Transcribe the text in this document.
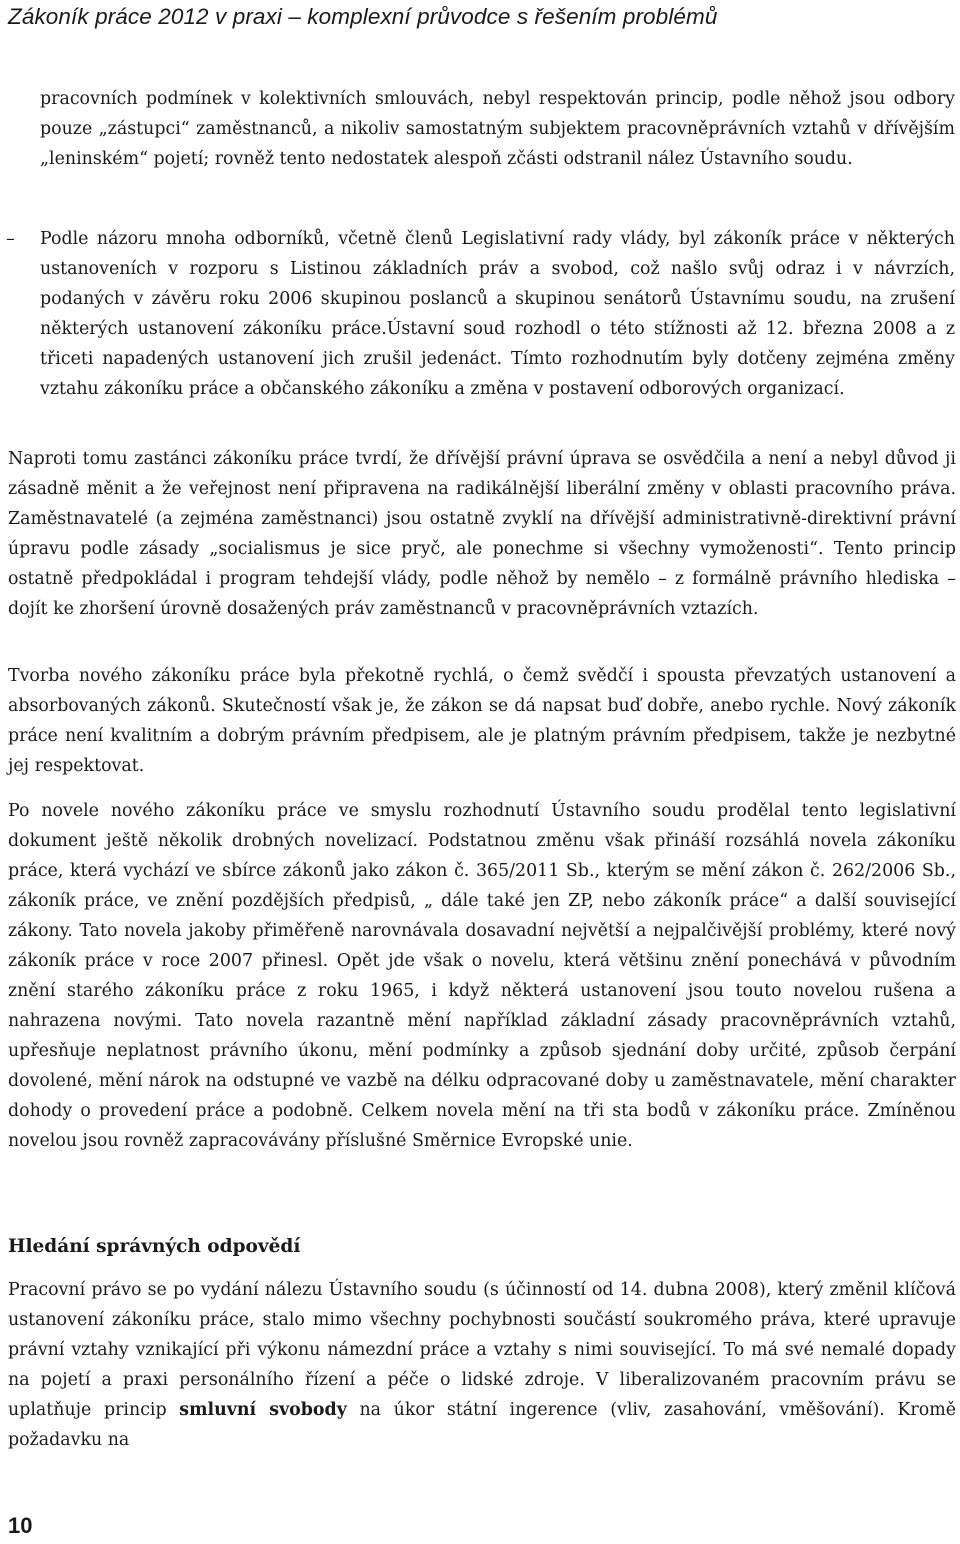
Zákoník práce 2012 v praxi – komplexní průvodce s řešením problémů

pracovních podmínek v kolektivních smlouvách, nebyl respektován princip, podle něhož jsou odbory pouze „zástupci“ zaměstnanců, a nikoliv samostatným subjektem pracovněprávních vztahů v dřívějším „leninském“ pojetí; rovněž tento nedostatek alespoň zčásti odstranil nález Ústavního soudu.

– Podle názoru mnoha odborníků, včetně členů Legislativní rady vlády, byl zákoník práce v některých ustanoveních v rozporu s Listinou základních práv a svobod, což našlo svůj odraz i v návrzích, podaných v závěru roku 2006 skupinou poslanců a skupinou senátorů Ústavnímu soudu, na zrušení některých ustanovení zákoníku práce.Ústavní soud rozhodl o této stížnosti až 12. března 2008 a z třiceti napadených ustanovení jich zrušil jedenáct. Tímto rozhodnutím byly dotčeny zejména změny vztahu zákoníku práce a občanského zákoníku a změna v postavení odborových organizací.

Naproti tomu zastánci zákoníku práce tvrdí, že dřívější právní úprava se osvědčila a není a nebyl důvod ji zásadně měnit a že veřejnost není připravena na radikálnější liberální změny v oblasti pracovního práva. Zaměstnavatelé (a zejména zaměstnanci) jsou ostatně zvyklí na dřívější administrativně-direktivní právní úpravu podle zásady „socialismus je sice pryč, ale ponechme si všechny vymoženosti“. Tento princip ostatně předpokládal i program tehdejší vlády, podle něhož by nemělo – z formálně právního hlediska – dojít ke zhoršení úrovně dosažených práv zaměstnanců v pracovněprávních vztazích.

Tvorba nového zákoníku práce byla překotně rychlá, o čemž svědčí i spousta převzatých ustanovení a absorbovaných zákonů. Skutečností však je, že zákon se dá napsat buď dobře, anebo rychle. Nový zákoník práce není kvalitním a dobrým právním předpisem, ale je platným právním předpisem, takže je nezbytné jej respektovat.

Po novele nového zákoníku práce ve smyslu rozhodnutí Ústavního soudu prodělal tento legislativní dokument ještě několik drobných novelizací. Podstatnou změnu však přináší rozsáhlá novela zákoníku práce, která vychází ve sbírce zákonů jako zákon č. 365/2011 Sb., kterým se mění zákon č. 262/2006 Sb., zákoník práce, ve znění pozdějších předpisů, „ dále také jen ZP, nebo zákoník práce“ a další související zákony. Tato novela jakoby přiměřeně narovnávala dosavadní největší a nejpalčivější problémy, které nový zákoník práce v roce 2007 přinesl. Opět jde však o novelu, která většinu znění ponechává v původním znění starého zákoníku práce z roku 1965, i když některá ustanovení jsou touto novelou rušena a nahrazena novými. Tato novela razantně mění například základní zásady pracovněprávních vztahů, upřesňuje neplatnost právního úkonu, mění podmínky a způsob sjednání doby určité, způsob čerpání dovolené, mění nárok na odstupné ve vazbě na délku odpracované doby u zaměstnavatele, mění charakter dohody o provedení práce a podobně. Celkem novela mění na tři sta bodů v zákoníku práce. Zmíněnou novelou jsou rovněž zapracovávány příslušné Směrnice Evropské unie.

Hledání správných odpovědí

Pracovní právo se po vydání nálezu Ústavního soudu (s účinností od 14. dubna 2008), který změnil klíčová ustanovení zákoníku práce, stalo mimo všechny pochybnosti součástí soukromého práva, které upravuje právní vztahy vznikající při výkonu námezdní práce a vztahy s nimi související. To má své nemalé dopady na pojetí a praxi personálního řízení a péče o lidské zdroje. V liberalizovaném pracovním právu se uplatňuje princip smluvní svobody na úkor státní ingerence (vliv, zasahování, vměšování). Kromě požadavku na

10
